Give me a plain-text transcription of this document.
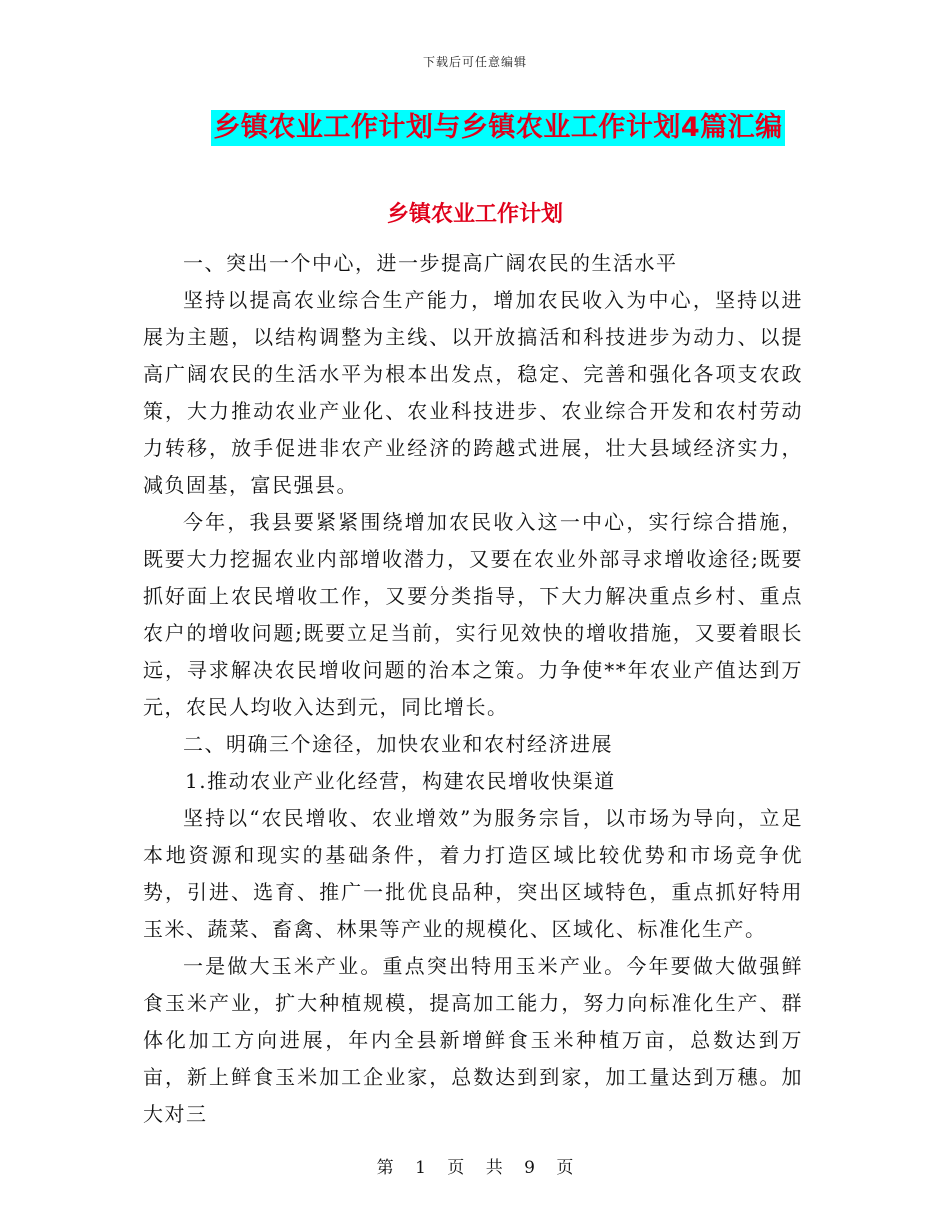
下载后可任意编辑
乡镇农业工作计划与乡镇农业工作计划4篇汇编
乡镇农业工作计划

一、突出一个中心，进一步提高广阔农民的生活水平

坚持以提高农业综合生产能力，增加农民收入为中心，坚持以进展为主题，以结构调整为主线、以开放搞活和科技进步为动力、以提高广阔农民的生活水平为根本出发点，稳定、完善和强化各项支农政策，大力推动农业产业化、农业科技进步、农业综合开发和农村劳动力转移，放手促进非农产业经济的跨越式进展，壮大县域经济实力，减负固基，富民强县。

今年，我县要紧紧围绕增加农民收入这一中心，实行综合措施，既要大力挖掘农业内部增收潜力，又要在农业外部寻求增收途径;既要抓好面上农民增收工作，又要分类指导，下大力解决重点乡村、重点农户的增收问题;既要立足当前，实行见效快的增收措施，又要着眼长远，寻求解决农民增收问题的治本之策。力争使**年农业产值达到万元，农民人均收入达到元，同比增长。

二、明确三个途径，加快农业和农村经济进展

1.推动农业产业化经营，构建农民增收快渠道

坚持以“农民增收、农业增效”为服务宗旨，以市场为导向，立足本地资源和现实的基础条件，着力打造区域比较优势和市场竞争优势，引进、选育、推广一批优良品种，突出区域特色，重点抓好特用玉米、蔬菜、畜禽、林果等产业的规模化、区域化、标准化生产。

一是做大玉米产业。重点突出特用玉米产业。今年要做大做强鲜食玉米产业，扩大种植规模，提高加工能力，努力向标准化生产、群体化加工方向进展，年内全县新增鲜食玉米种植万亩，总数达到万亩，新上鲜食玉米加工企业家，总数达到到家，加工量达到万穗。加大对三

第 1 页 共 9 页
